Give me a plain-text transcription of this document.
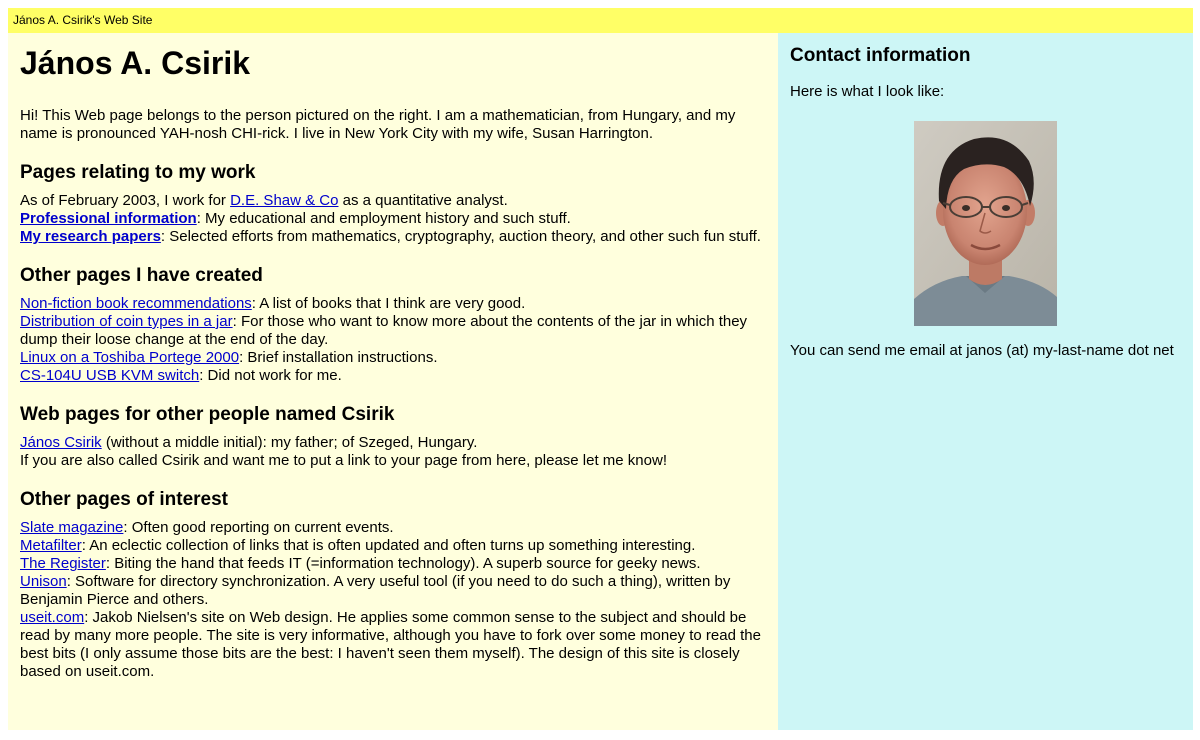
János A. Csirik's Web Site
János A. Csirik

Hi! This Web page belongs to the person pictured on the right. I am a mathematician, from Hungary, and my name is pronounced YAH-nosh CHI-rick. I live in New York City with my wife, Susan Harrington.

Pages relating to my work

As of February 2003, I work for D.E. Shaw & Co as a quantitative analyst.
Professional information: My educational and employment history and such stuff.
My research papers: Selected efforts from mathematics, cryptography, auction theory, and other such fun stuff.

Other pages I have created

Non-fiction book recommendations: A list of books that I think are very good.
Distribution of coin types in a jar: For those who want to know more about the contents of the jar in which they dump their loose change at the end of the day.
Linux on a Toshiba Portege 2000: Brief installation instructions.
CS-104U USB KVM switch: Did not work for me.

Web pages for other people named Csirik

János Csirik (without a middle initial): my father; of Szeged, Hungary.
If you are also called Csirik and want me to put a link to your page from here, please let me know!

Other pages of interest

Slate magazine: Often good reporting on current events.
Metafilter: An eclectic collection of links that is often updated and often turns up something interesting.
The Register: Biting the hand that feeds IT (=information technology). A superb source for geeky news.
Unison: Software for directory synchronization. A very useful tool (if you need to do such a thing), written by Benjamin Pierce and others.
useit.com: Jakob Nielsen's site on Web design. He applies some common sense to the subject and should be read by many more people. The site is very informative, although you have to fork over some money to read the best bits (I only assume those bits are the best: I haven't seen them myself). The design of this site is closely based on useit.com.

Contact information

Here is what I look like:

You can send me email at janos (at) my-last-name dot net
